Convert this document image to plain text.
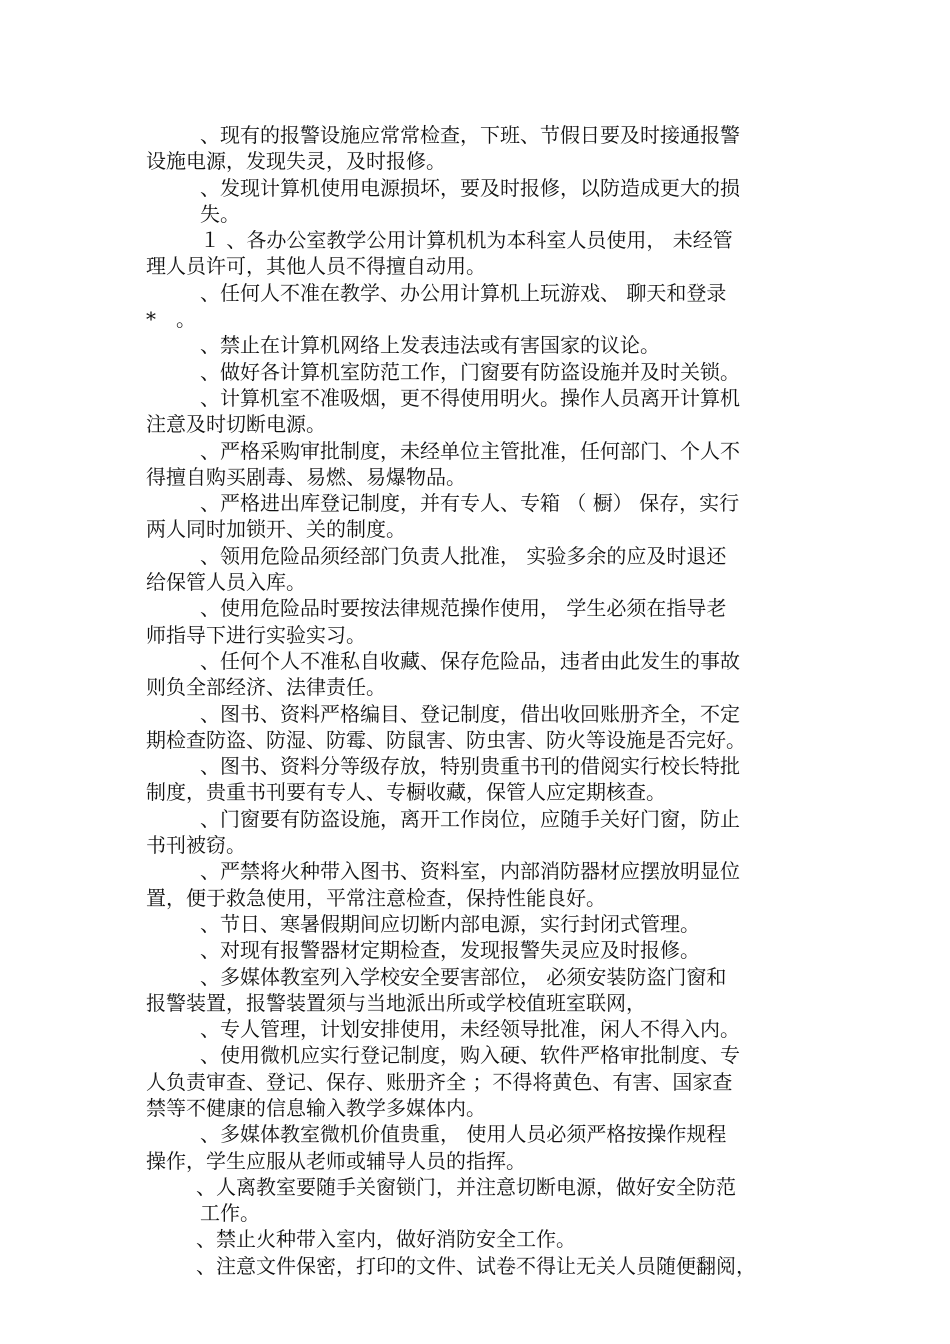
、现有的报警设施应常常检查，下班、节假日要及时接通报警
设施电源，发现失灵，及时报修。
、发现计算机使用电源损坏，要及时报修，以防造成更大的损
失。
１ 、各办公室教学公用计算机机为本科室人员使用， 未经管
理人员许可，其他人员不得擅自动用。
、任何人不准在教学、办公用计算机上玩游戏、 聊天和登录
*　。
、禁止在计算机网络上发表违法或有害国家的议论。
、做好各计算机室防范工作，门窗要有防盗设施并及时关锁。
、计算机室不准吸烟，更不得使用明火。操作人员离开计算机
注意及时切断电源。
、严格采购审批制度，未经单位主管批准，任何部门、个人不
得擅自购买剧毒、易燃、易爆物品。
、严格进出库登记制度，并有专人、专箱 （ 橱） 保存，实行
两人同时加锁开、关的制度。
、领用危险品须经部门负责人批准， 实验多余的应及时退还
给保管人员入库。
、使用危险品时要按法律规范操作使用， 学生必须在指导老
师指导下进行实验实习。
、任何个人不准私自收藏、保存危险品，违者由此发生的事故
则负全部经济、法律责任。
、图书、资料严格编目、登记制度，借出收回账册齐全，不定
期检查防盗、防湿、防霉、防鼠害、防虫害、防火等设施是否完好。
、图书、资料分等级存放，特别贵重书刊的借阅实行校长特批
制度，贵重书刊要有专人、专橱收藏，保管人应定期核查。
、门窗要有防盗设施，离开工作岗位，应随手关好门窗，防止
书刊被窃。
、严禁将火种带入图书、资料室，内部消防器材应摆放明显位
置，便于救急使用，平常注意检查，保持性能良好。
、节日、寒暑假期间应切断内部电源，实行封闭式管理。
、对现有报警器材定期检查，发现报警失灵应及时报修。
、多媒体教室列入学校安全要害部位， 必须安装防盗门窗和
报警装置，报警装置须与当地派出所或学校值班室联网，
、专人管理，计划安排使用，未经领导批准，闲人不得入内。
、使用微机应实行登记制度，购入硬、软件严格审批制度、专
人负责审查、登记、保存、账册齐全 ；不得将黄色、有害、国家查
禁等不健康的信息输入教学多媒体内。
、多媒体教室微机价值贵重， 使用人员必须严格按操作规程
操作，学生应服从老师或辅导人员的指挥。
、人离教室要随手关窗锁门，并注意切断电源，做好安全防范
工作。
、禁止火种带入室内，做好消防安全工作。
、注意文件保密，打印的文件、试卷不得让无关人员随便翻阅，
